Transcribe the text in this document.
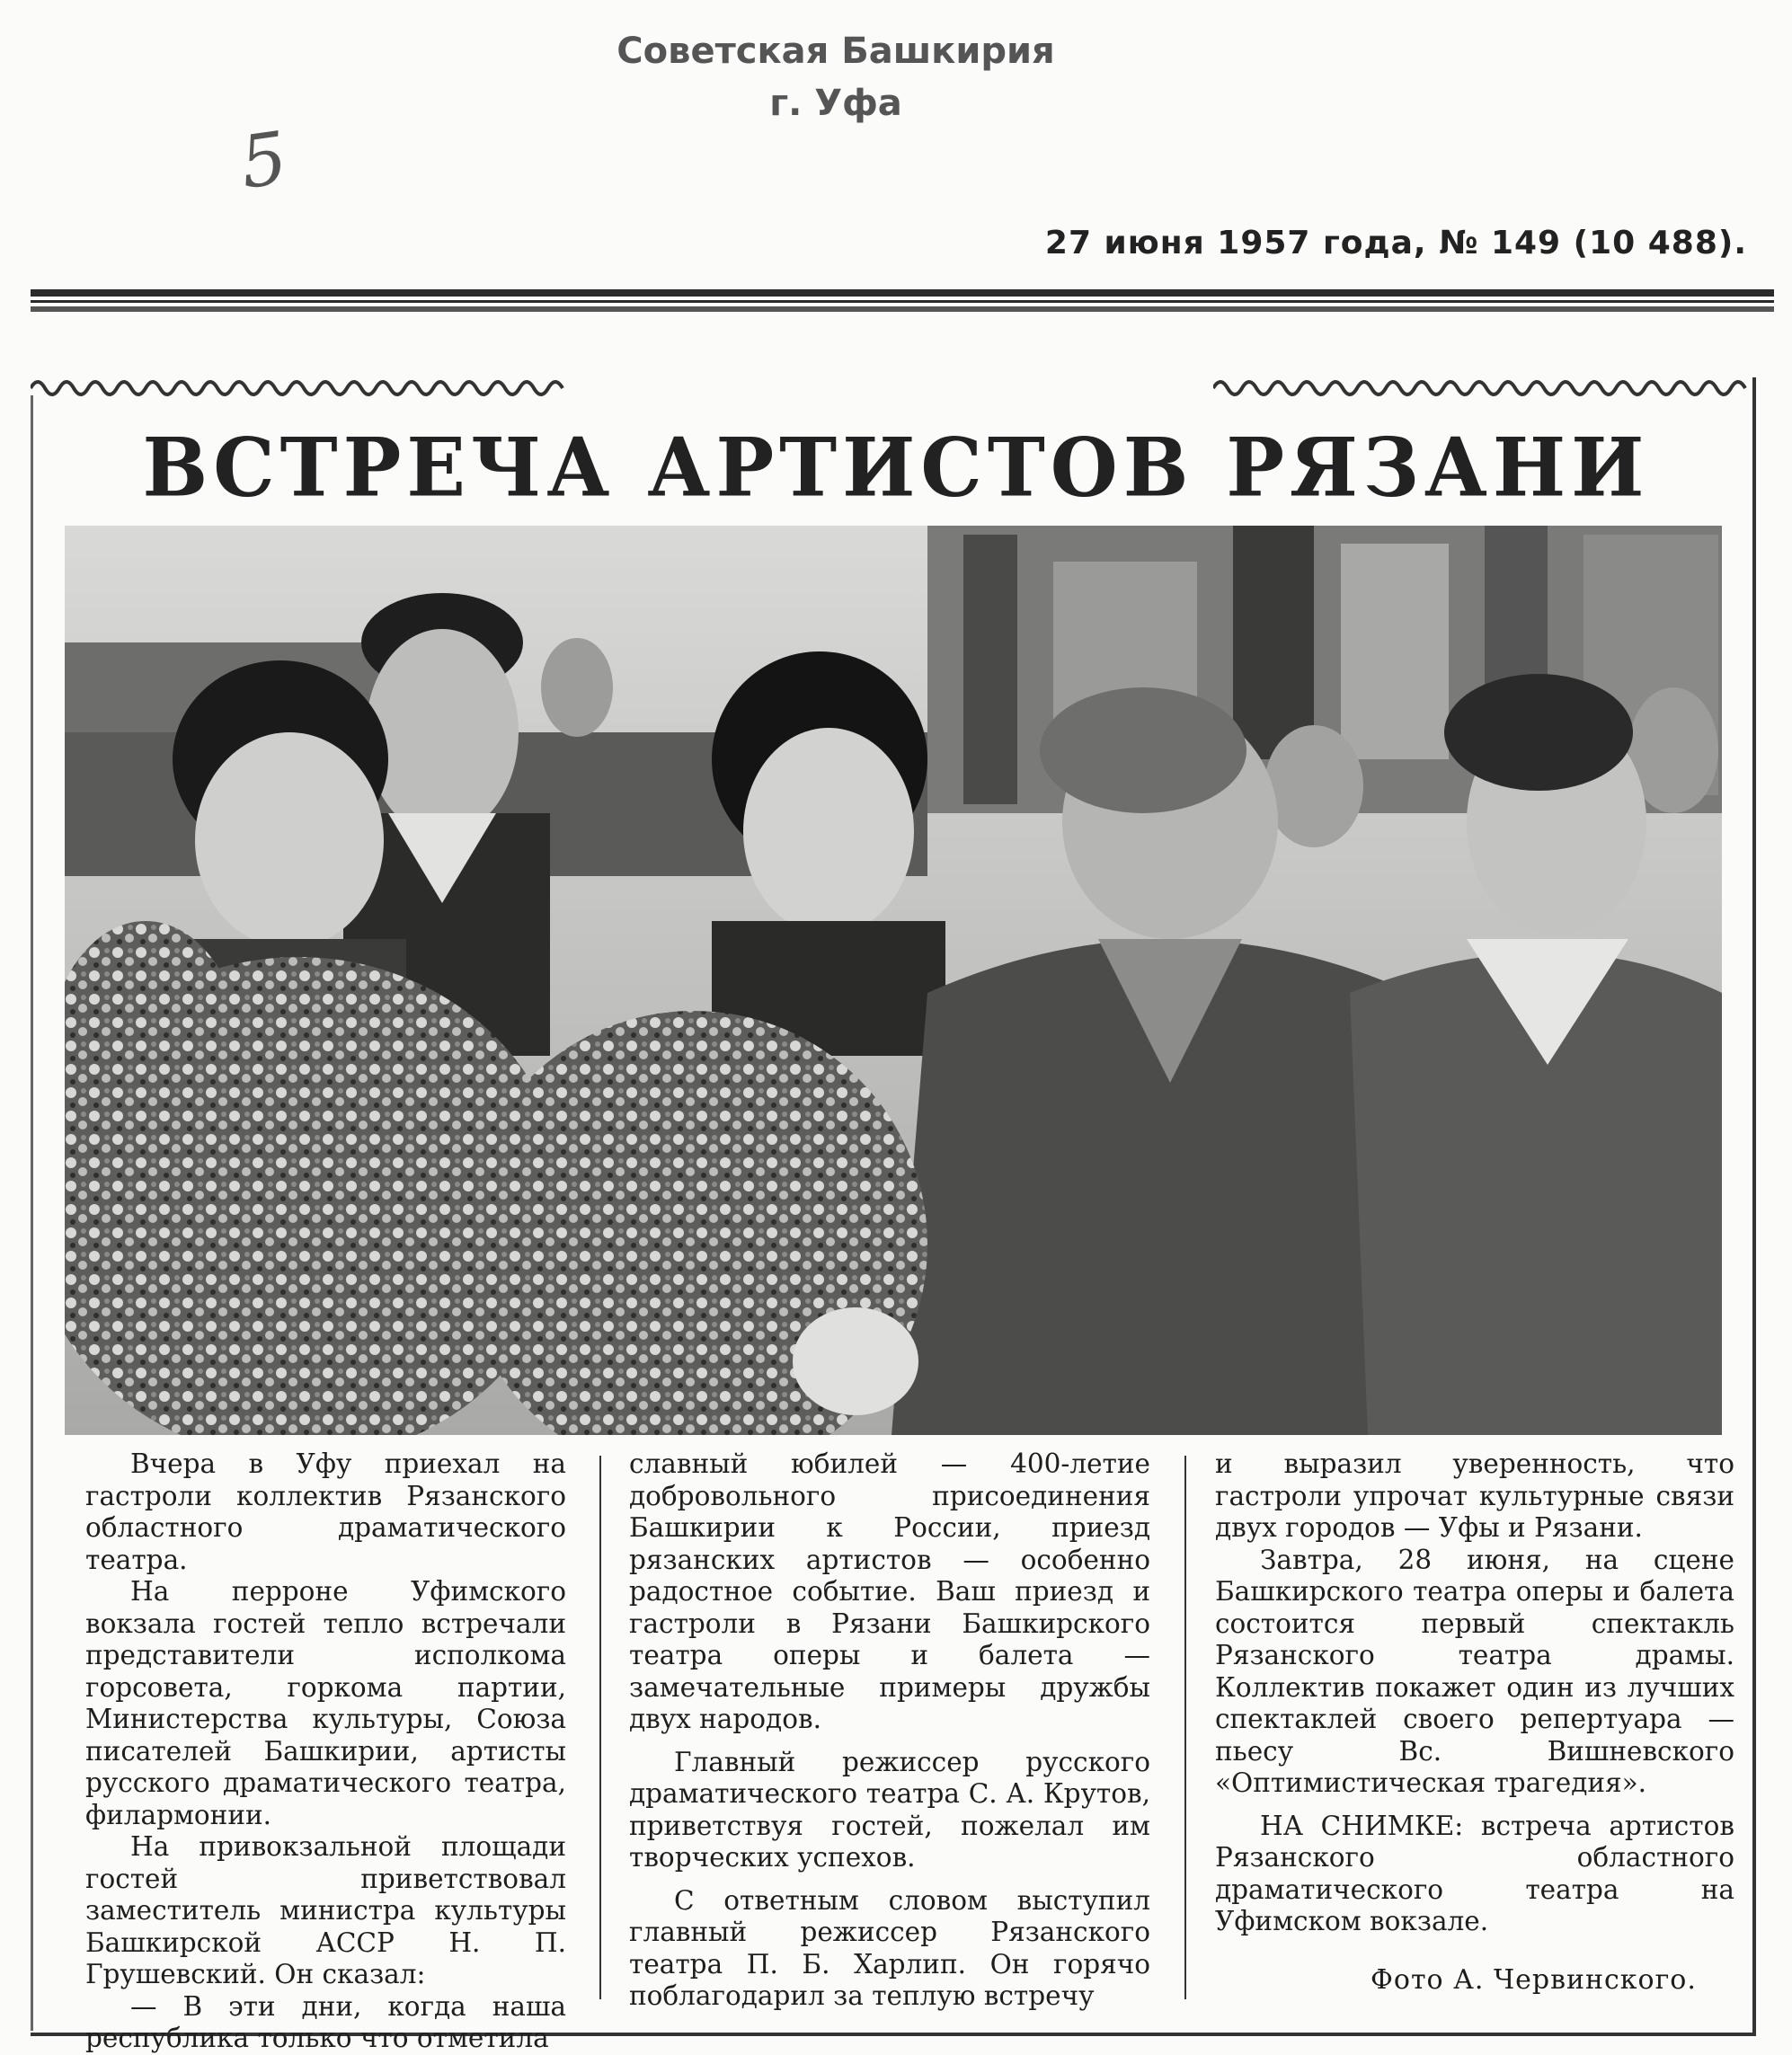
Советская Башкирия
г. Уфа
5
27 июня 1957 года, № 149 (10 488).
ВСТРЕЧА АРТИСТОВ РЯЗАНИ

Вчера в Уфу приехал на гастроли коллектив Рязанского областного драматического театра.

На перроне Уфимского вокзала гостей тепло встречали представители исполкома горсовета, горкома партии, Министерства культуры, Союза писателей Башкирии, артисты русского драматического театра, филармонии.

На привокзальной площади гостей приветствовал заместитель министра культуры Башкирской АССР Н. П. Грушевский. Он сказал:

— В эти дни, когда наша республика только что отметила

славный юбилей — 400-летие добровольного присоединения Башкирии к России, приезд рязанских артистов — особенно радостное событие. Ваш приезд и гастроли в Рязани Башкирского театра оперы и балета — замечательные примеры дружбы двух народов.

Главный режиссер русского драматического театра С. А. Крутов, приветствуя гостей, пожелал им творческих успехов.

С ответным словом выступил главный режиссер Рязанского театра П. Б. Харлип. Он горячо поблагодарил за теплую встречу

и выразил уверенность, что гастроли упрочат культурные связи двух городов — Уфы и Рязани.

Завтра, 28 июня, на сцене Башкирского театра оперы и балета состоится первый спектакль Рязанского театра драмы. Коллектив покажет один из лучших спектаклей своего репертуара — пьесу Вс. Вишневского «Оптимистическая трагедия».

НА СНИМКЕ: встреча артистов Рязанского областного драматического театра на Уфимском вокзале.

Фото А. Червинского.
